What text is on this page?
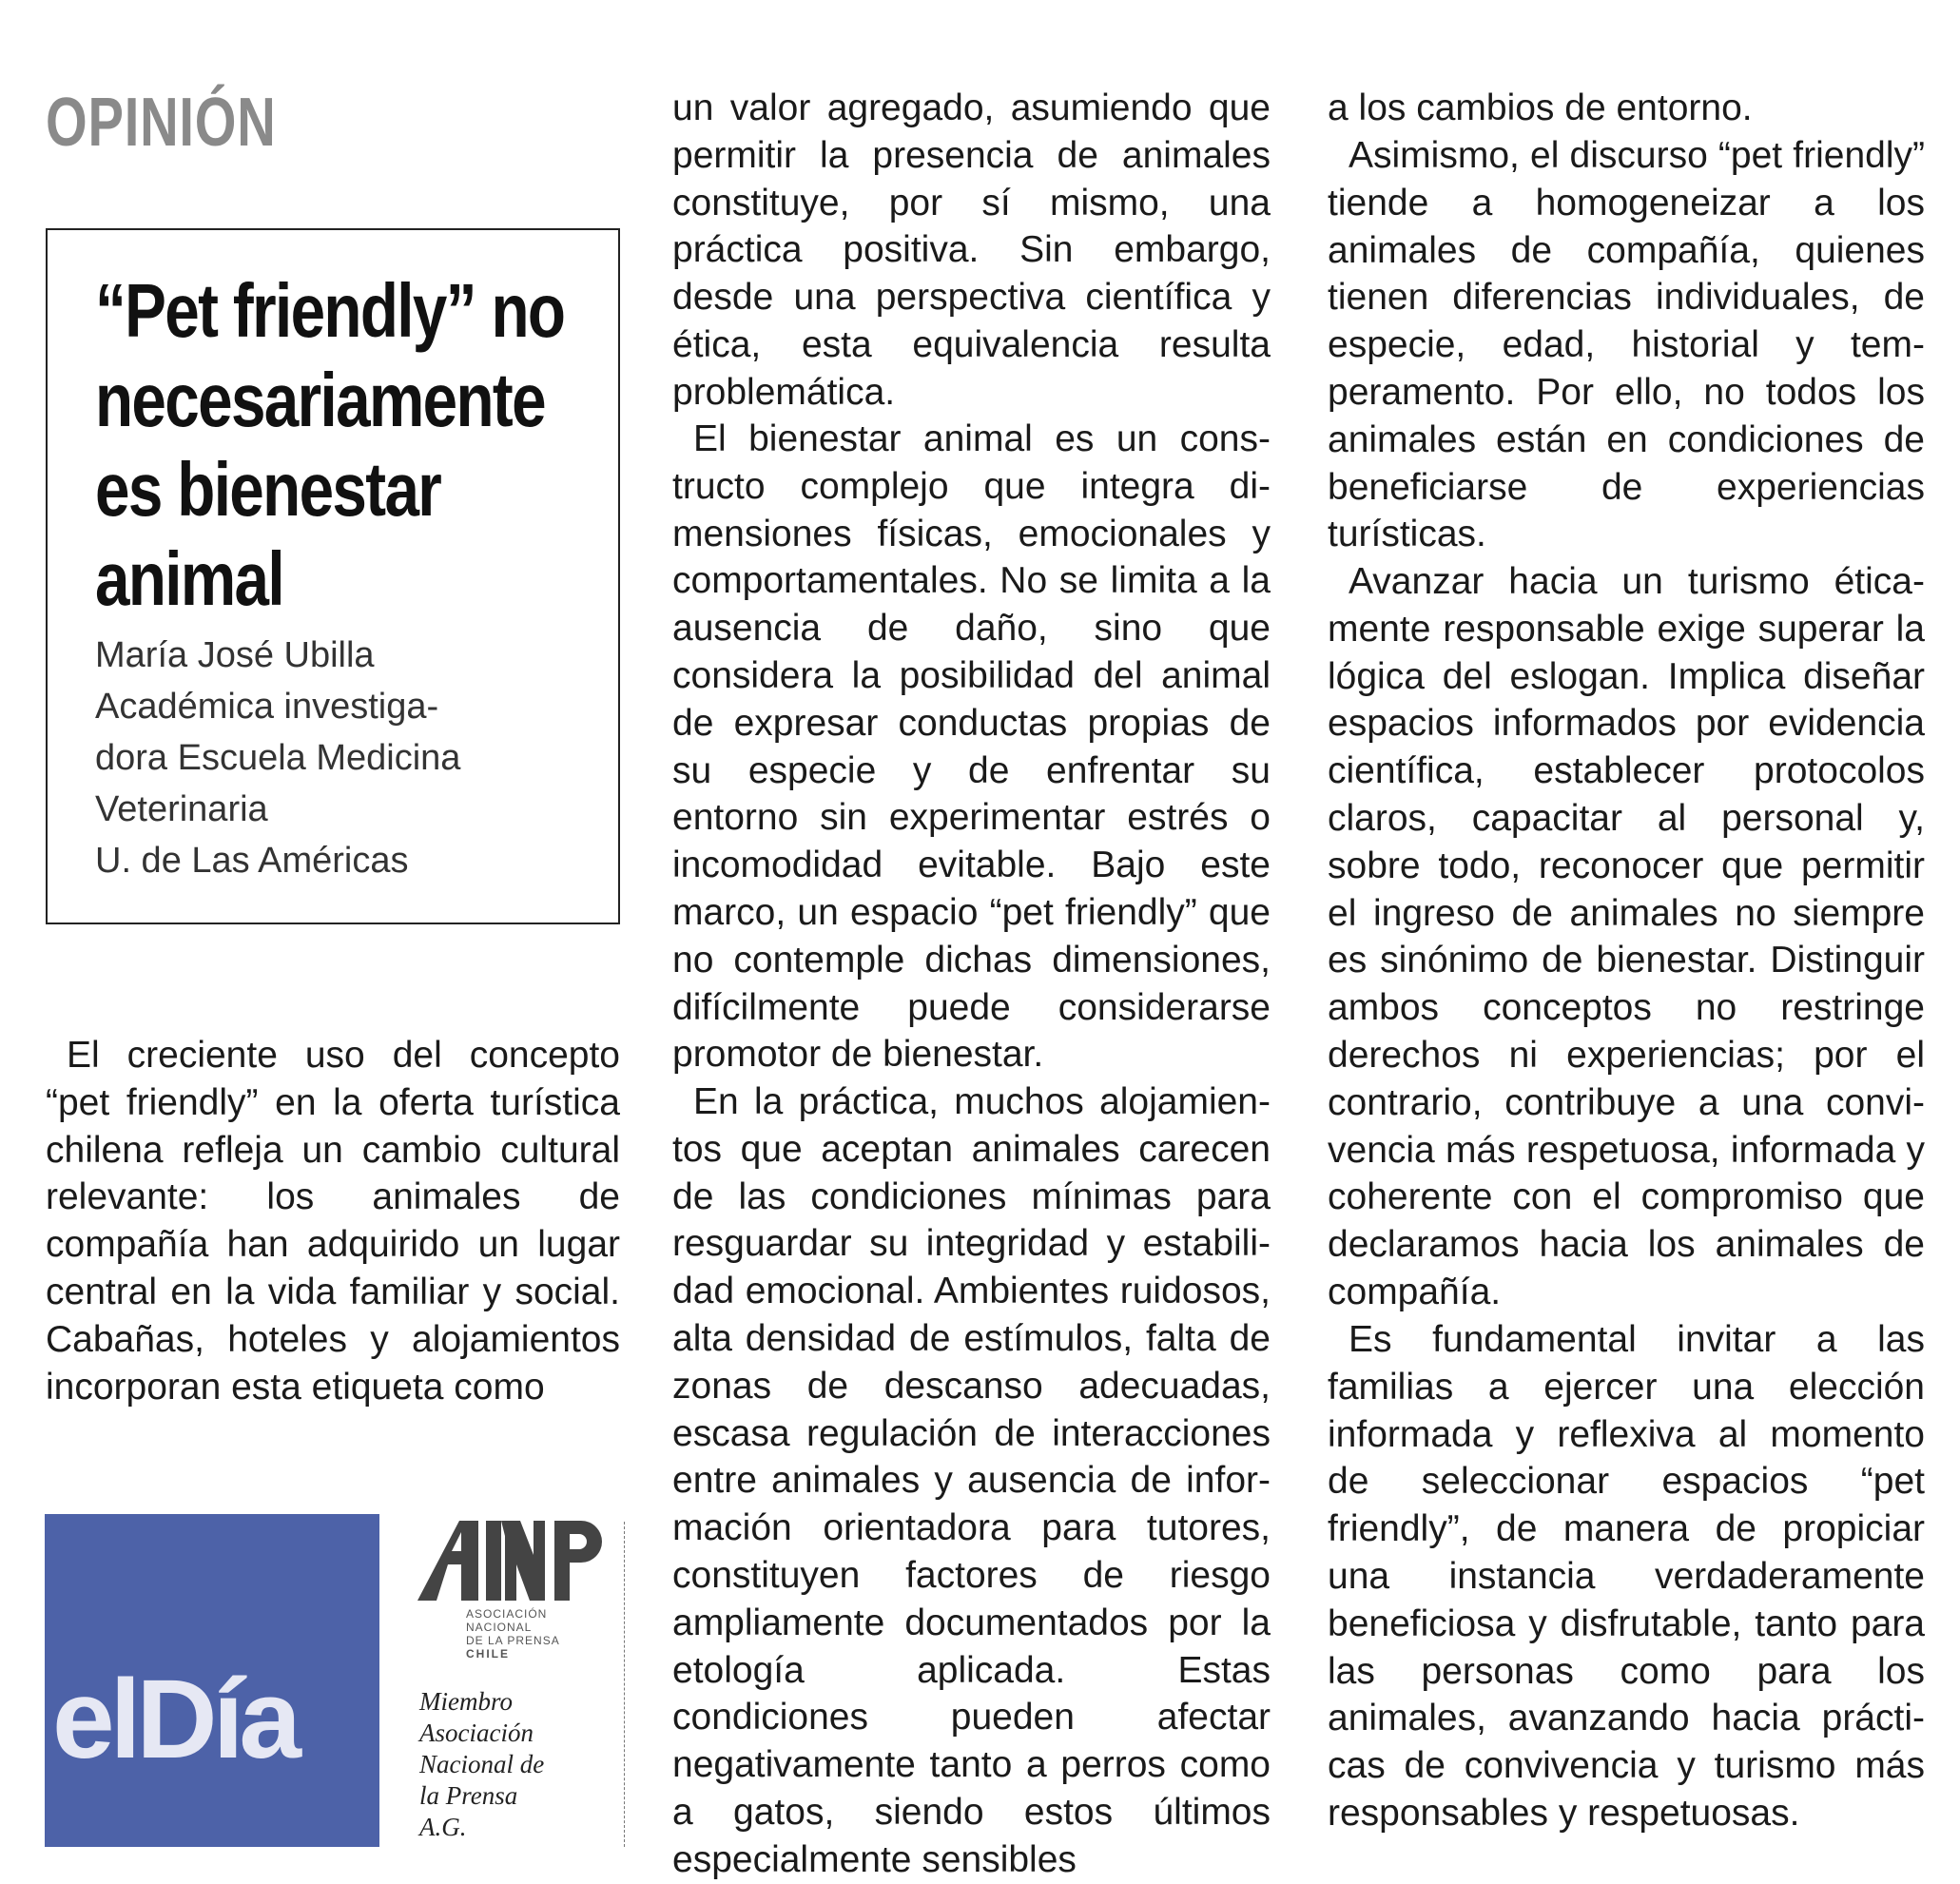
OPINIÓN
“Pet friendly” no
necesariamente
es bienestar
animal
María José Ubilla
Académica investiga-
dora Escuela Medicina
Veterinaria
U. de Las Américas

El creciente uso del concepto “pet friendly” en la oferta turística chilena refleja un cambio cultural relevante: los animales de compañía han adquirido un lugar central en la vida familiar y social. Cabañas, hoteles y alojamientos incorporan esta etiqueta como

un valor agregado, asumiendo que permitir la presencia de animales constituye, por sí mismo, una práctica positiva. Sin embargo, desde una perspectiva científica y ética, esta equivalencia resulta problemática.

El bienestar animal es un constructo complejo que integra dimensiones físicas, emocionales y comportamentales. No se limita a la ausencia de daño, sino que considera la posibilidad del animal de expresar conductas propias de su especie y de enfrentar su entorno sin experimentar estrés o incomodidad evitable. Bajo este marco, un espacio “pet friendly” que no contemple dichas dimensiones, difícilmente puede considerarse promotor de bienestar.

En la práctica, muchos alojamientos que aceptan animales carecen de las condiciones mínimas para resguardar su integridad y estabilidad emocional. Ambientes ruidosos, alta densidad de estímulos, falta de zonas de descanso adecuadas, escasa regulación de interacciones entre animales y ausencia de información orientadora para tutores, constituyen factores de riesgo ampliamente documentados por la etología aplicada. Estas condiciones pueden afectar negativamente tanto a perros como a gatos, siendo estos últimos especialmente sensibles

a los cambios de entorno.

Asimismo, el discurso “pet friendly” tiende a homogeneizar a los animales de compañía, quienes tienen diferencias individuales, de especie, edad, historial y temperamento. Por ello, no todos los animales están en condiciones de beneficiarse de experiencias turísticas.

Avanzar hacia un turismo éticamente responsable exige superar la lógica del eslogan. Implica diseñar espacios informados por evidencia científica, establecer protocolos claros, capacitar al personal y, sobre todo, reconocer que permitir el ingreso de animales no siempre es sinónimo de bienestar. Distinguir ambos conceptos no restringe derechos ni experiencias; por el contrario, contribuye a una convivencia más respetuosa, informada y coherente con el compromiso que declaramos hacia los animales de compañía.

Es fundamental invitar a las familias a ejercer una elección informada y reflexiva al momento de seleccionar espacios “pet friendly”, de manera de propiciar una instancia verdaderamente beneficiosa y disfrutable, tanto para las personas como para los animales, avanzando hacia prácticas de convivencia y turismo más responsables y respetuosas.

elDía
ASOCIACIÓN
NACIONAL
DE LA PRENSA
CHILE
Miembro
Asociación
Nacional de
la Prensa
A.G.
